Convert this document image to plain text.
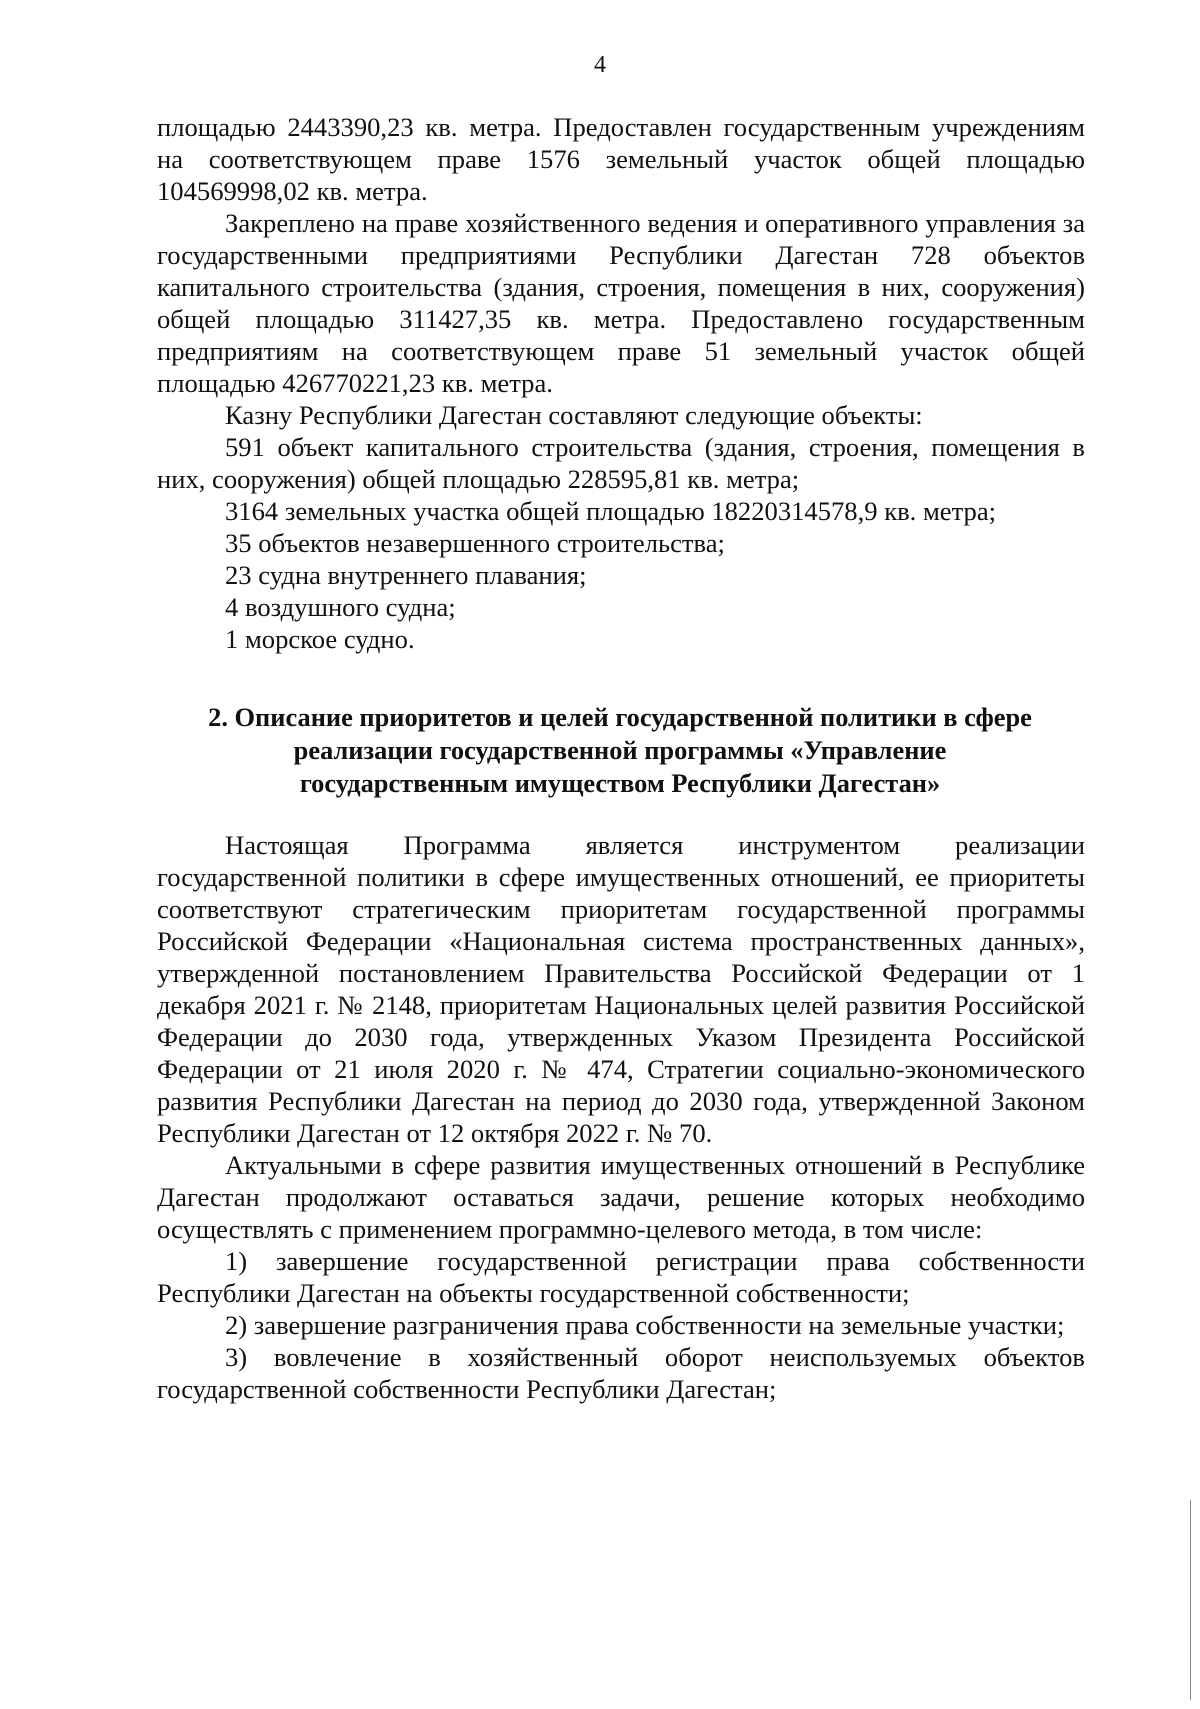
4

площадью 2443390,23 кв. метра. Предоставлен государственным учреждениям на соответствующем праве 1576 земельный участок общей площадью 104569998,02 кв. метра.

Закреплено на праве хозяйственного ведения и оперативного управления за государственными предприятиями Республики Дагестан 728 объектов капитального строительства (здания, строения, помещения в них, сооружения) общей площадью 311427,35 кв. метра. Предоставлено государственным предприятиям на соответствующем праве 51 земельный участок общей площадью 426770221,23 кв. метра.

Казну Республики Дагестан составляют следующие объекты:

591 объект капитального строительства (здания, строения, помещения в них, сооружения) общей площадью 228595,81 кв. метра;

3164 земельных участка общей площадью 18220314578,9 кв. метра;

35 объектов незавершенного строительства;

23 судна внутреннего плавания;

4 воздушного судна;

1 морское судно.

2. Описание приоритетов и целей государственной политики в сфере
реализации государственной программы «Управление
государственным имуществом Республики Дагестан»

Настоящая Программа является инструментом реализации государственной политики в сфере имущественных отношений, ее приоритеты соответствуют стратегическим приоритетам государственной программы Российской Федерации «Национальная система пространственных данных», утвержденной постановлением Правительства Российской Федерации от 1 декабря 2021 г. № 2148, приоритетам Национальных целей развития Российской Федерации до 2030 года, утвержденных Указом Президента Российской Федерации от 21 июля 2020 г. № 474, Стратегии социально-экономического развития Республики Дагестан на период до 2030 года, утвержденной Законом Республики Дагестан от 12 октября 2022 г. № 70.

Актуальными в сфере развития имущественных отношений в Республике Дагестан продолжают оставаться задачи, решение которых необходимо осуществлять с применением программно-целевого метода, в том числе:

1) завершение государственной регистрации права собственности Республики Дагестан на объекты государственной собственности;

2) завершение разграничения права собственности на земельные участки;

3) вовлечение в хозяйственный оборот неиспользуемых объектов государственной собственности Республики Дагестан;
